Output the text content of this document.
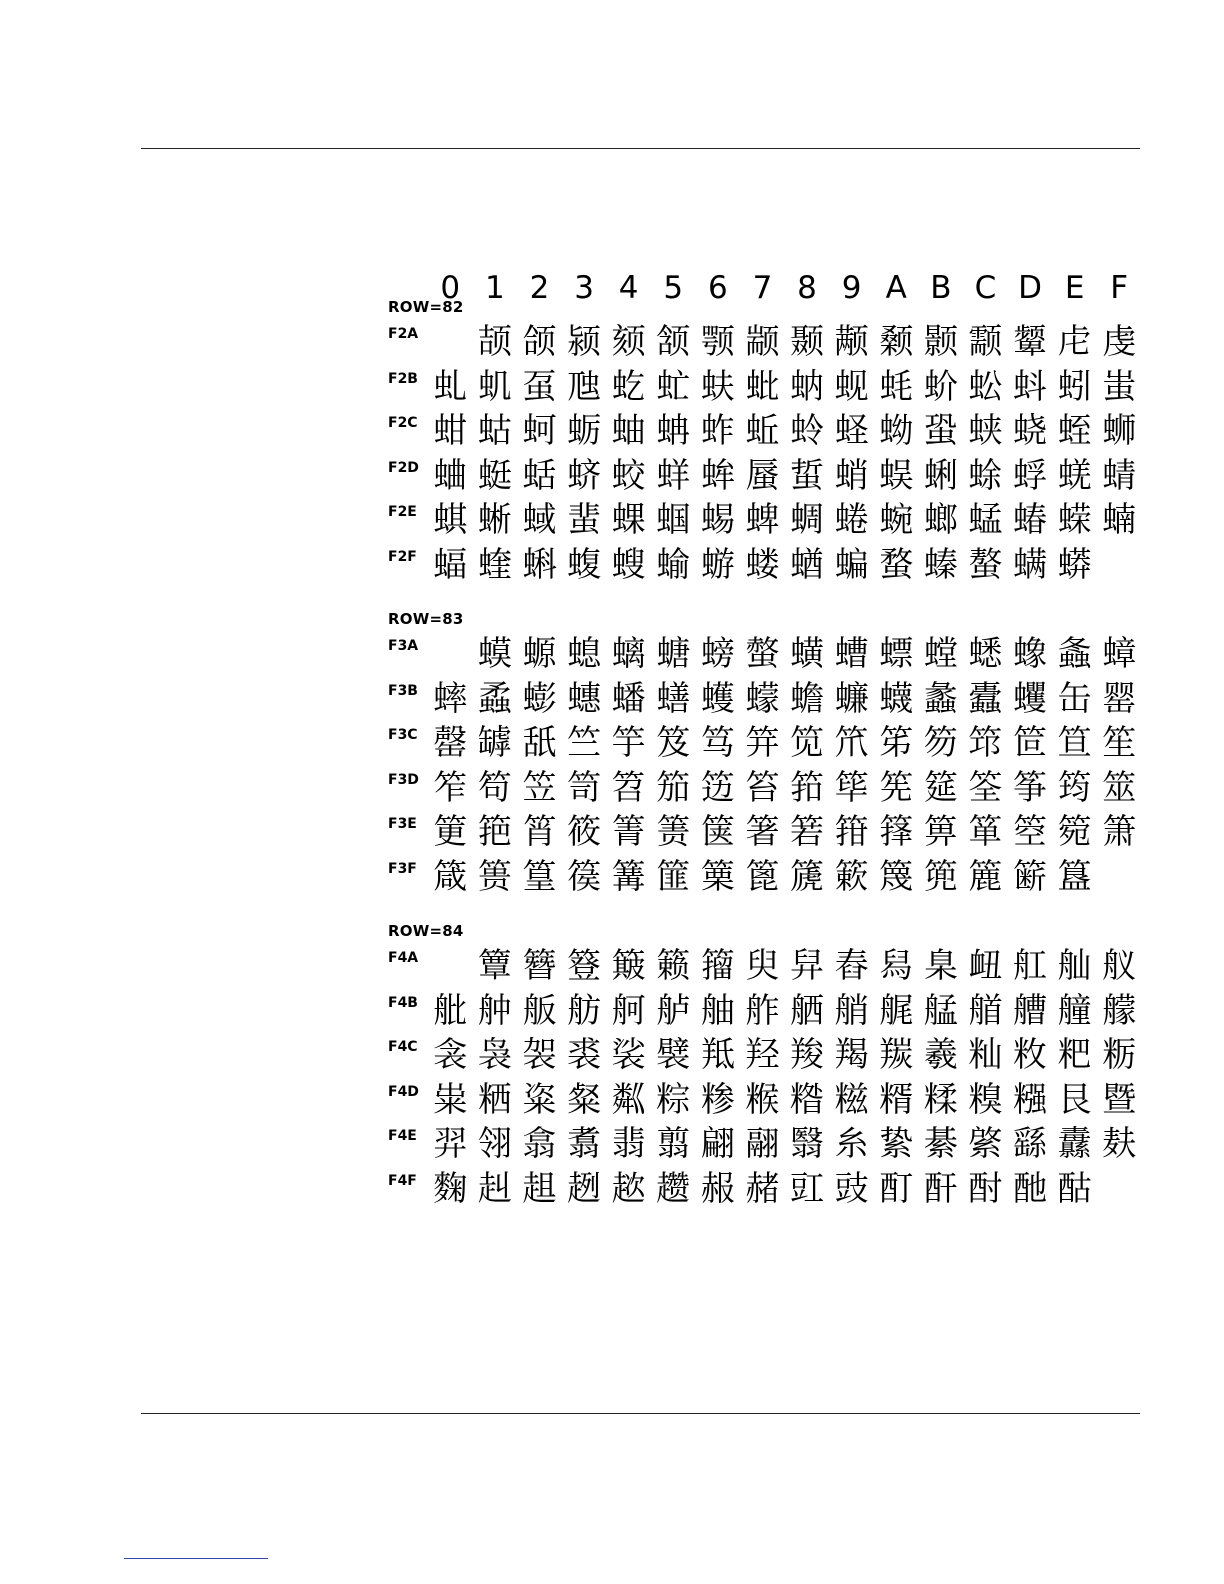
0 1 2 3 4 5 6 7 8 9 A B C D E F
ROW=82
F2A 颉 颌 颍 颏 颔 颚 颛 颞 颟 颡 颢 颥 颦 虍 虔
F2B 虬 虮 虿 虺 虼 虻 蚨 蚍 蚋 蚬 蚝 蚧 蚣 蚪 蚓 蚩
F2C 蚶 蛄 蚵 蛎 蚰 蚺 蚱 蚯 蛉 蛏 蚴 蛩 蛱 蛲 蛭 蛳
F2D 蛐 蜓 蛞 蛴 蛟 蛘 蛑 蜃 蜇 蛸 蜈 蜊 蜍 蜉 蜣 蜻
F2E 蜞 蜥 蜮 蜚 蜾 蝈 蜴 蜱 蜩 蜷 蜿 螂 蜢 蝽 蝾 蝻
F2F 蝠 蝰 蝌 蝮 螋 蝓 蝣 蝼 蝤 蝙 蝥 螓 螯 螨 蟒
ROW=83
F3A 蟆 螈 螅 螭 螗 螃 螫 蟥 螬 螵 螳 蟋 蟓 螽 蟑
F3B 蟀 蟊 蟛 蟪 蟠 蟮 蠖 蠓 蟾 蠊 蠛 蠡 蠹 蠼 缶 罂
F3C 罄 罅 舐 竺 竽 笈 笃 笄 笕 笊 笫 笏 筇 笸 笪 笙
F3D 笮 笱 笠 笥 笤 笳 笾 笞 筘 筚 筅 筵 筌 筝 筠 筮
F3E 筻 筢 筲 筱 箐 箦 箧 箸 箬 箝 箨 箅 箪 箜 箢 箫
F3F 箴 篑 篁 篌 篝 篚 篥 篦 篪 簌 篾 篼 簏 簖 簋
ROW=84
F4A 簟 簪 簦 簸 籁 籀 臾 舁 舂 舄 臬 衄 舡 舢 舣
F4B 舭 舯 舨 舫 舸 舻 舳 舴 舾 艄 艉 艋 艏 艚 艟 艨
F4C 衾 袅 袈 裘 裟 襞 羝 羟 羧 羯 羰 羲 籼 敉 粑 粝
F4D 粜 粞 粢 粲 粼 粽 糁 糇 糌 糍 糈 糅 糗 糨 艮 暨
F4E 羿 翎 翕 翥 翡 翦 翩 翮 翳 糸 絷 綦 綮 繇 纛 麸
F4F 麴 赳 趄 趔 趑 趱 赧 赭 豇 豉 酊 酐 酎 酏 酤
